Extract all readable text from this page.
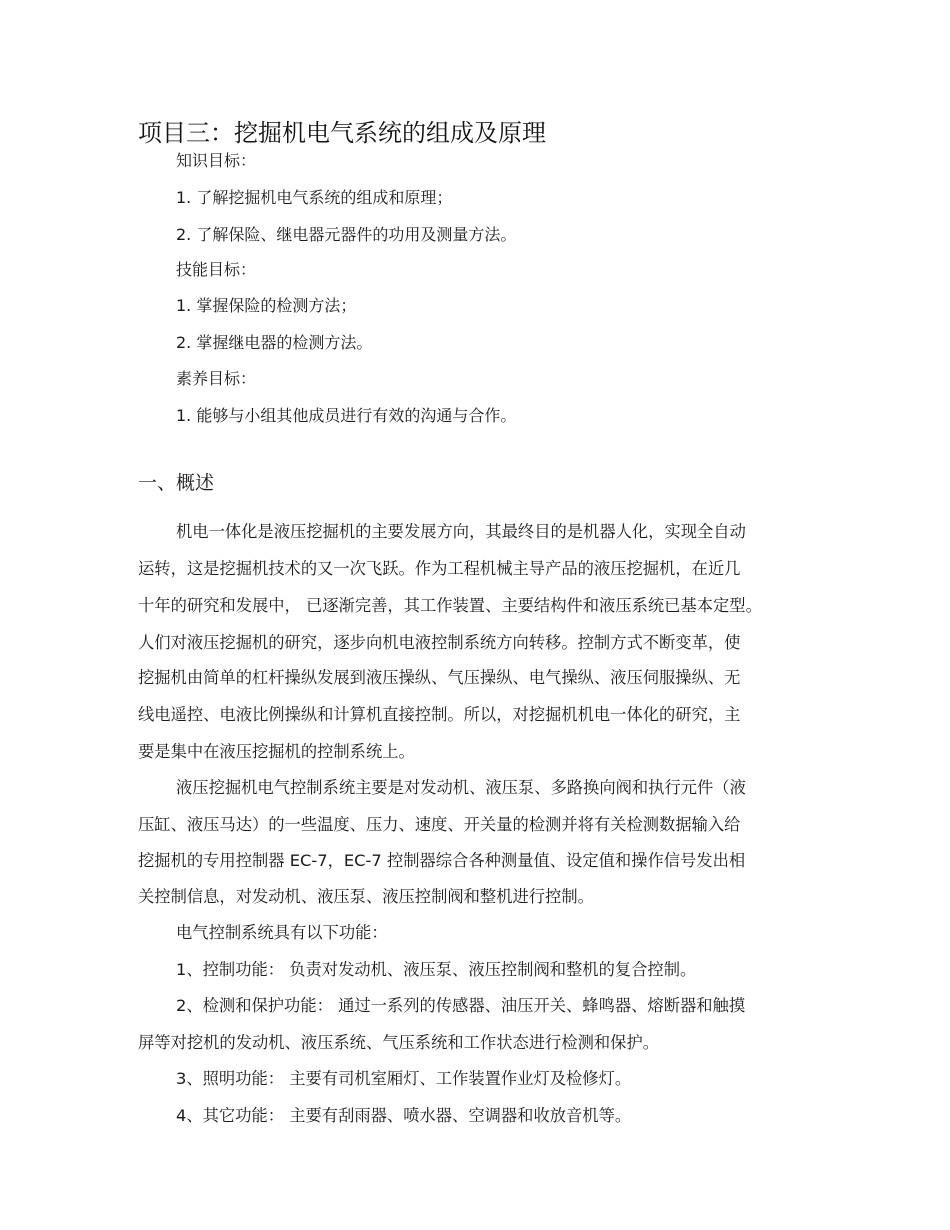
项目三：挖掘机电气系统的组成及原理
知识目标：
1. 了解挖掘机电气系统的组成和原理；
2. 了解保险、继电器元器件的功用及测量方法。
技能目标：
1. 掌握保险的检测方法；
2. 掌握继电器的检测方法。
素养目标：
1. 能够与小组其他成员进行有效的沟通与合作。
一、概述
机电一体化是液压挖掘机的主要发展方向，其最终目的是机器人化，实现全自动
运转，这是挖掘机技术的又一次飞跃。作为工程机械主导产品的液压挖掘机，在近几
十年的研究和发展中， 已逐渐完善，其工作装置、主要结构件和液压系统已基本定型。
人们对液压挖掘机的研究，逐步向机电液控制系统方向转移。控制方式不断变革，使
挖掘机由简单的杠杆操纵发展到液压操纵、气压操纵、电气操纵、液压伺服操纵、无
线电遥控、电液比例操纵和计算机直接控制。所以，对挖掘机机电一体化的研究，主
要是集中在液压挖掘机的控制系统上。
液压挖掘机电气控制系统主要是对发动机、液压泵、多路换向阀和执行元件（液
压缸、液压马达）的一些温度、压力、速度、开关量的检测并将有关检测数据输入给
挖掘机的专用控制器 EC-7，EC-7 控制器综合各种测量值、设定值和操作信号发出相
关控制信息，对发动机、液压泵、液压控制阀和整机进行控制。
电气控制系统具有以下功能：
1、控制功能： 负责对发动机、液压泵、液压控制阀和整机的复合控制。
2、检测和保护功能： 通过一系列的传感器、油压开关、蜂鸣器、熔断器和触摸
屏等对挖机的发动机、液压系统、气压系统和工作状态进行检测和保护。
3、照明功能： 主要有司机室厢灯、工作装置作业灯及检修灯。
4、其它功能： 主要有刮雨器、喷水器、空调器和收放音机等。
